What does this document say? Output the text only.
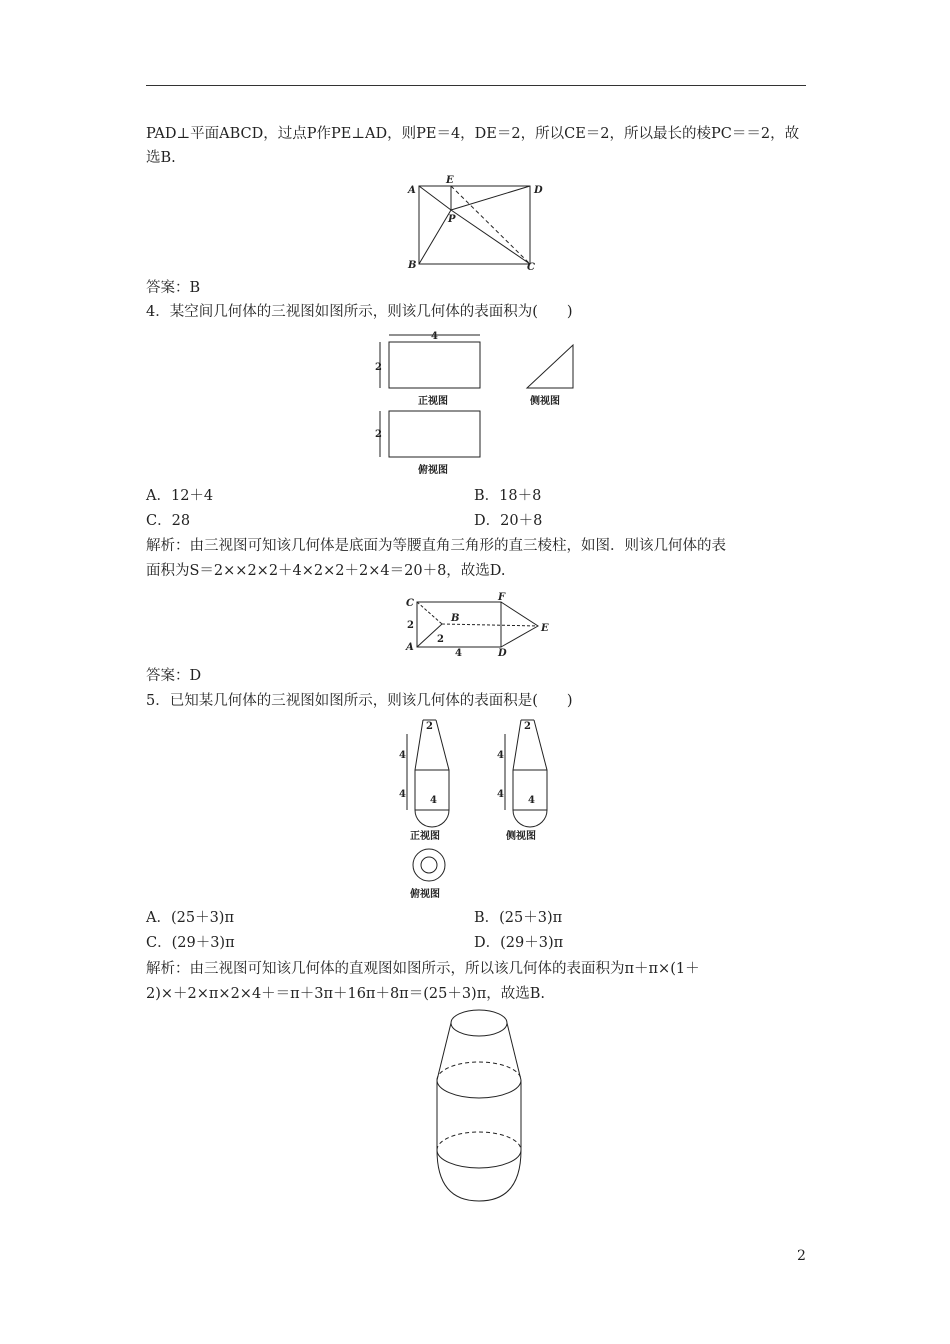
PAD⊥平面ABCD，过点P作PE⊥AD，则PE＝4，DE＝2，所以CE＝2，所以最长的棱PC＝＝2，故
选B.
A
E
D
P
B	C
答案：B
4．某空间几何体的三视图如图所示，则该几何体的表面积为(　　)
4
2
正视图	侧视图
2
俯视图
A．12＋4	B．18＋8
C．28	D．20＋8
解析：由三视图可知该几何体是底面为等腰直角三角形的直三棱柱，如图．则该几何体的表
面积为S＝2××2×2＋4×2×2＋2×4＝20＋8，故选D.
C
F
B
E
2
2
A
4	D
答案：D
5．已知某几何体的三视图如图所示，则该几何体的表面积是(　　)
2
4
4
4
2
4
4
4
正视图	侧视图
俯视图
A．(25＋3)π	B．(25＋3)π
C．(29＋3)π	D．(29＋3)π
解析：由三视图可知该几何体的直观图如图所示，所以该几何体的表面积为π＋π×(1＋
2)×＋2×π×2×4＋＝π＋3π＋16π＋8π＝(25＋3)π，故选B.
2
